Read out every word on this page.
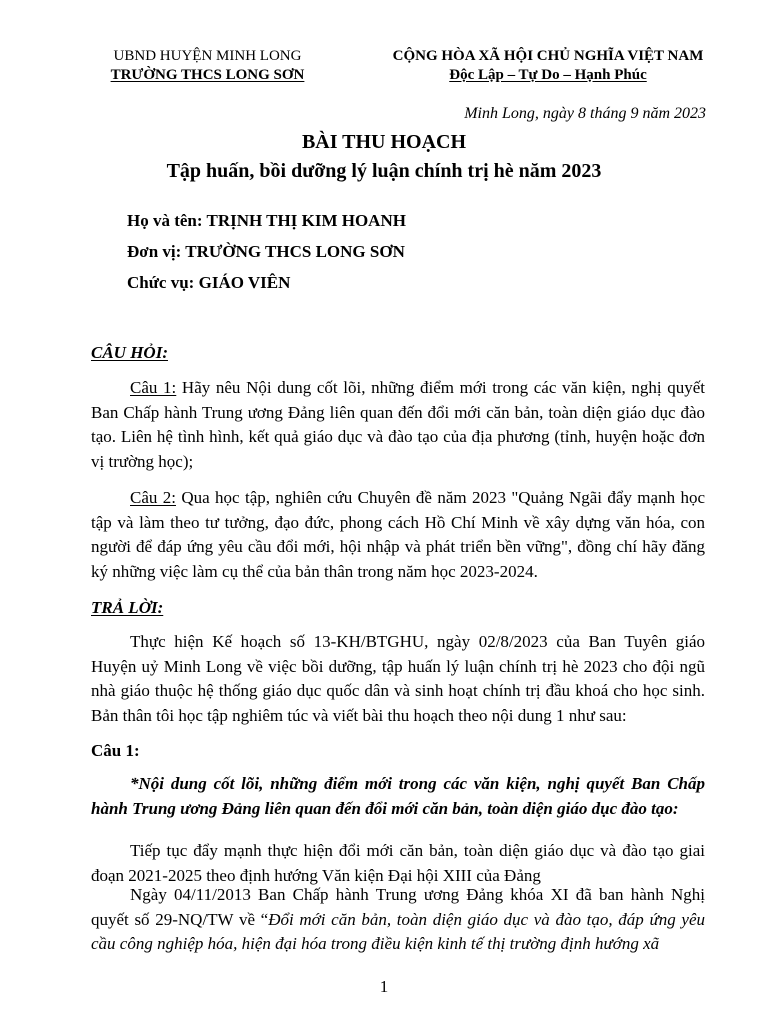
UBND HUYỆN MINH LONG
TRƯỜNG THCS LONG SƠN
CỘNG HÒA XÃ HỘI CHỦ NGHĨA VIỆT NAM
Độc Lập – Tự Do – Hạnh Phúc
Minh Long, ngày 8 tháng 9 năm 2023
BÀI THU HOẠCH
Tập huấn, bồi dưỡng lý luận chính trị hè năm 2023
Họ và tên: TRỊNH THỊ KIM HOANH
Đơn vị: TRƯỜNG THCS LONG SƠN
Chức vụ: GIÁO VIÊN
CÂU HỎI:
Câu 1: Hãy nêu Nội dung cốt lõi, những điểm mới trong các văn kiện, nghị quyết Ban Chấp hành Trung ương Đảng liên quan đến đổi mới căn bản, toàn diện giáo dục đào tạo. Liên hệ tình hình, kết quả giáo dục và đào tạo của địa phương (tỉnh, huyện hoặc đơn vị trường học);
Câu 2: Qua học tập, nghiên cứu Chuyên đề năm 2023 "Quảng Ngãi đẩy mạnh học tập và làm theo tư tưởng, đạo đức, phong cách Hồ Chí Minh về xây dựng văn hóa, con người để đáp ứng yêu cầu đổi mới, hội nhập và phát triển bền vững", đồng chí hãy đăng ký những việc làm cụ thể của bản thân trong năm học 2023-2024.
TRẢ LỜI:
Thực hiện Kế hoạch số 13-KH/BTGHU, ngày 02/8/2023 của Ban Tuyên giáo Huyện uỷ Minh Long về việc bồi dưỡng, tập huấn lý luận chính trị hè 2023 cho đội ngũ nhà giáo thuộc hệ thống giáo dục quốc dân và sinh hoạt chính trị đầu khoá cho học sinh. Bản thân tôi học tập nghiêm túc và viết bài thu hoạch theo nội dung 1 như sau:
Câu 1:
*Nội dung cốt lõi, những điểm mới trong các văn kiện, nghị quyết Ban Chấp hành Trung ương Đảng liên quan đến đổi mới căn bản, toàn diện giáo dục đào tạo:
Tiếp tục đẩy mạnh thực hiện đổi mới căn bản, toàn diện giáo dục và đào tạo giai đoạn 2021-2025 theo định hướng Văn kiện Đại hội XIII của Đảng
Ngày 04/11/2013 Ban Chấp hành Trung ương Đảng khóa XI đã ban hành Nghị quyết số 29-NQ/TW về “Đổi mới căn bản, toàn diện giáo dục và đào tạo, đáp ứng yêu cầu công nghiệp hóa, hiện đại hóa trong điều kiện kinh tế thị trường định hướng xã
1
